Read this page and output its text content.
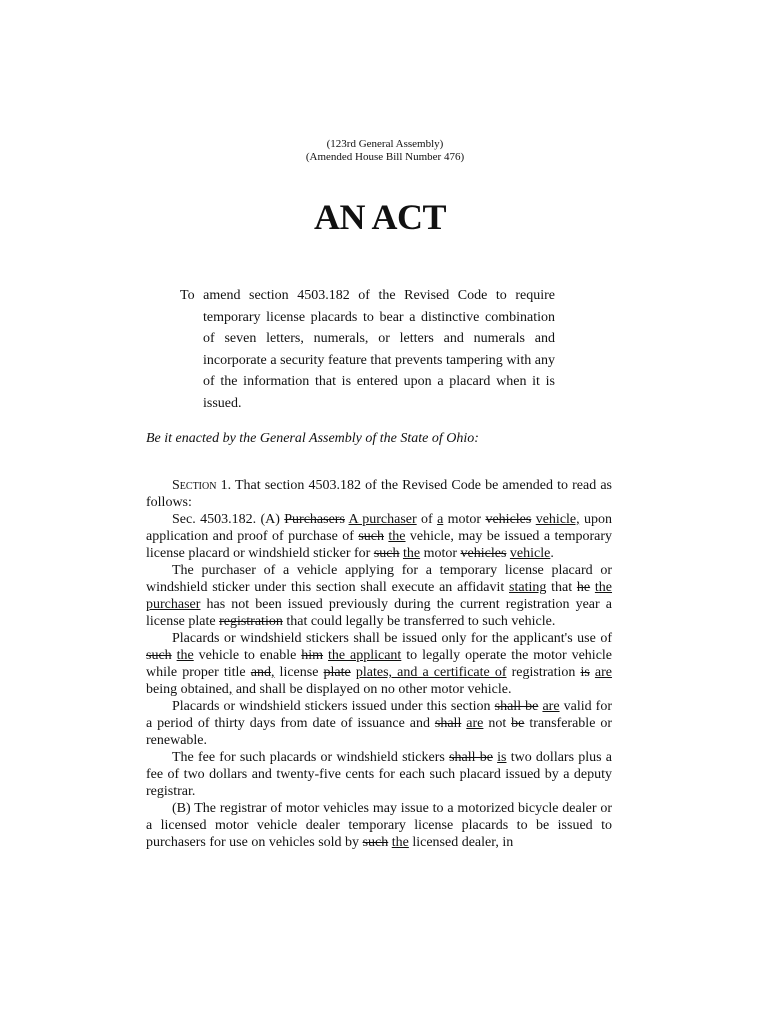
(123rd General Assembly)
(Amended House Bill Number 476)
AN ACT

To amend section 4503.182 of the Revised Code to require temporary license placards to bear a distinctive combination of seven letters, numerals, or letters and numerals and incorporate a security feature that prevents tampering with any of the information that is entered upon a placard when it is issued.

Be it enacted by the General Assembly of the State of Ohio:

Section 1. That section 4503.182 of the Revised Code be amended to read as follows:

Sec. 4503.182. (A) Purchasers A purchaser of a motor vehicles vehicle, upon application and proof of purchase of such the vehicle, may be issued a temporary license placard or windshield sticker for such the motor vehicles vehicle.

The purchaser of a vehicle applying for a temporary license placard or windshield sticker under this section shall execute an affidavit stating that he the purchaser has not been issued previously during the current registration year a license plate registration that could legally be transferred to such vehicle.

Placards or windshield stickers shall be issued only for the applicant's use of such the vehicle to enable him the applicant to legally operate the motor vehicle while proper title and, license plate plates, and a certificate of registration is are being obtained, and shall be displayed on no other motor vehicle.

Placards or windshield stickers issued under this section shall be are valid for a period of thirty days from date of issuance and shall are not be transferable or renewable.

The fee for such placards or windshield stickers shall be is two dollars plus a fee of two dollars and twenty-five cents for each such placard issued by a deputy registrar.

(B) The registrar of motor vehicles may issue to a motorized bicycle dealer or a licensed motor vehicle dealer temporary license placards to be issued to purchasers for use on vehicles sold by such the licensed dealer, in
